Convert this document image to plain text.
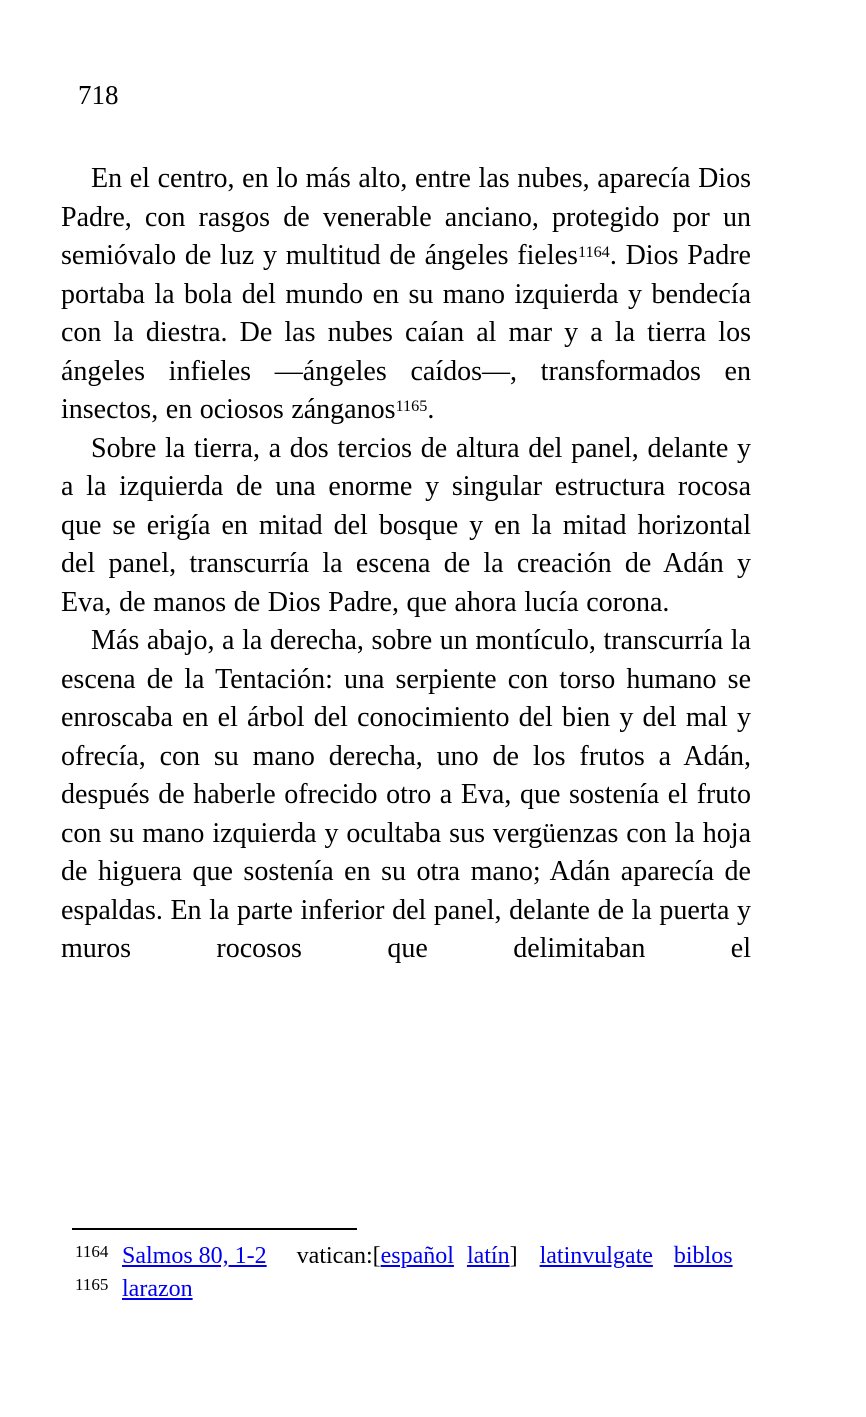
718

En el centro, en lo más alto, entre las nubes, aparecía Dios Padre, con rasgos de venerable anciano, protegido por un semióvalo de luz y multitud de ángeles fieles$^{1164}$. Dios Padre portaba la bola del mundo en su mano izquierda y bendecía con la diestra. De las nubes caían al mar y a la tierra los ángeles infieles —ángeles caídos—, transformados en insectos, en ociosos zánganos$^{1165}$.

Sobre la tierra, a dos tercios de altura del panel, delante y a la izquierda de una enorme y singular estructura rocosa que se erigía en mitad del bosque y en la mitad horizontal del panel, transcurría la escena de la creación de Adán y Eva, de manos de Dios Padre, que ahora lucía corona.

Más abajo, a la derecha, sobre un montículo, transcurría la escena de la Tentación: una serpiente con torso humano se enroscaba en el árbol del conocimiento del bien y del mal y ofrecía, con su mano derecha, uno de los frutos a Adán, después de haberle ofrecido otro a Eva, que sostenía el fruto con su mano izquierda y ocultaba sus vergüenzas con la hoja de higuera que sostenía en su otra mano; Adán aparecía de espaldas. En la parte inferior del panel, delante de la puerta y muros rocosos que delimitaban el

1164 Salmos 80, 1-2 vatican:[español latín] latinvulgate biblos
1165 larazon
